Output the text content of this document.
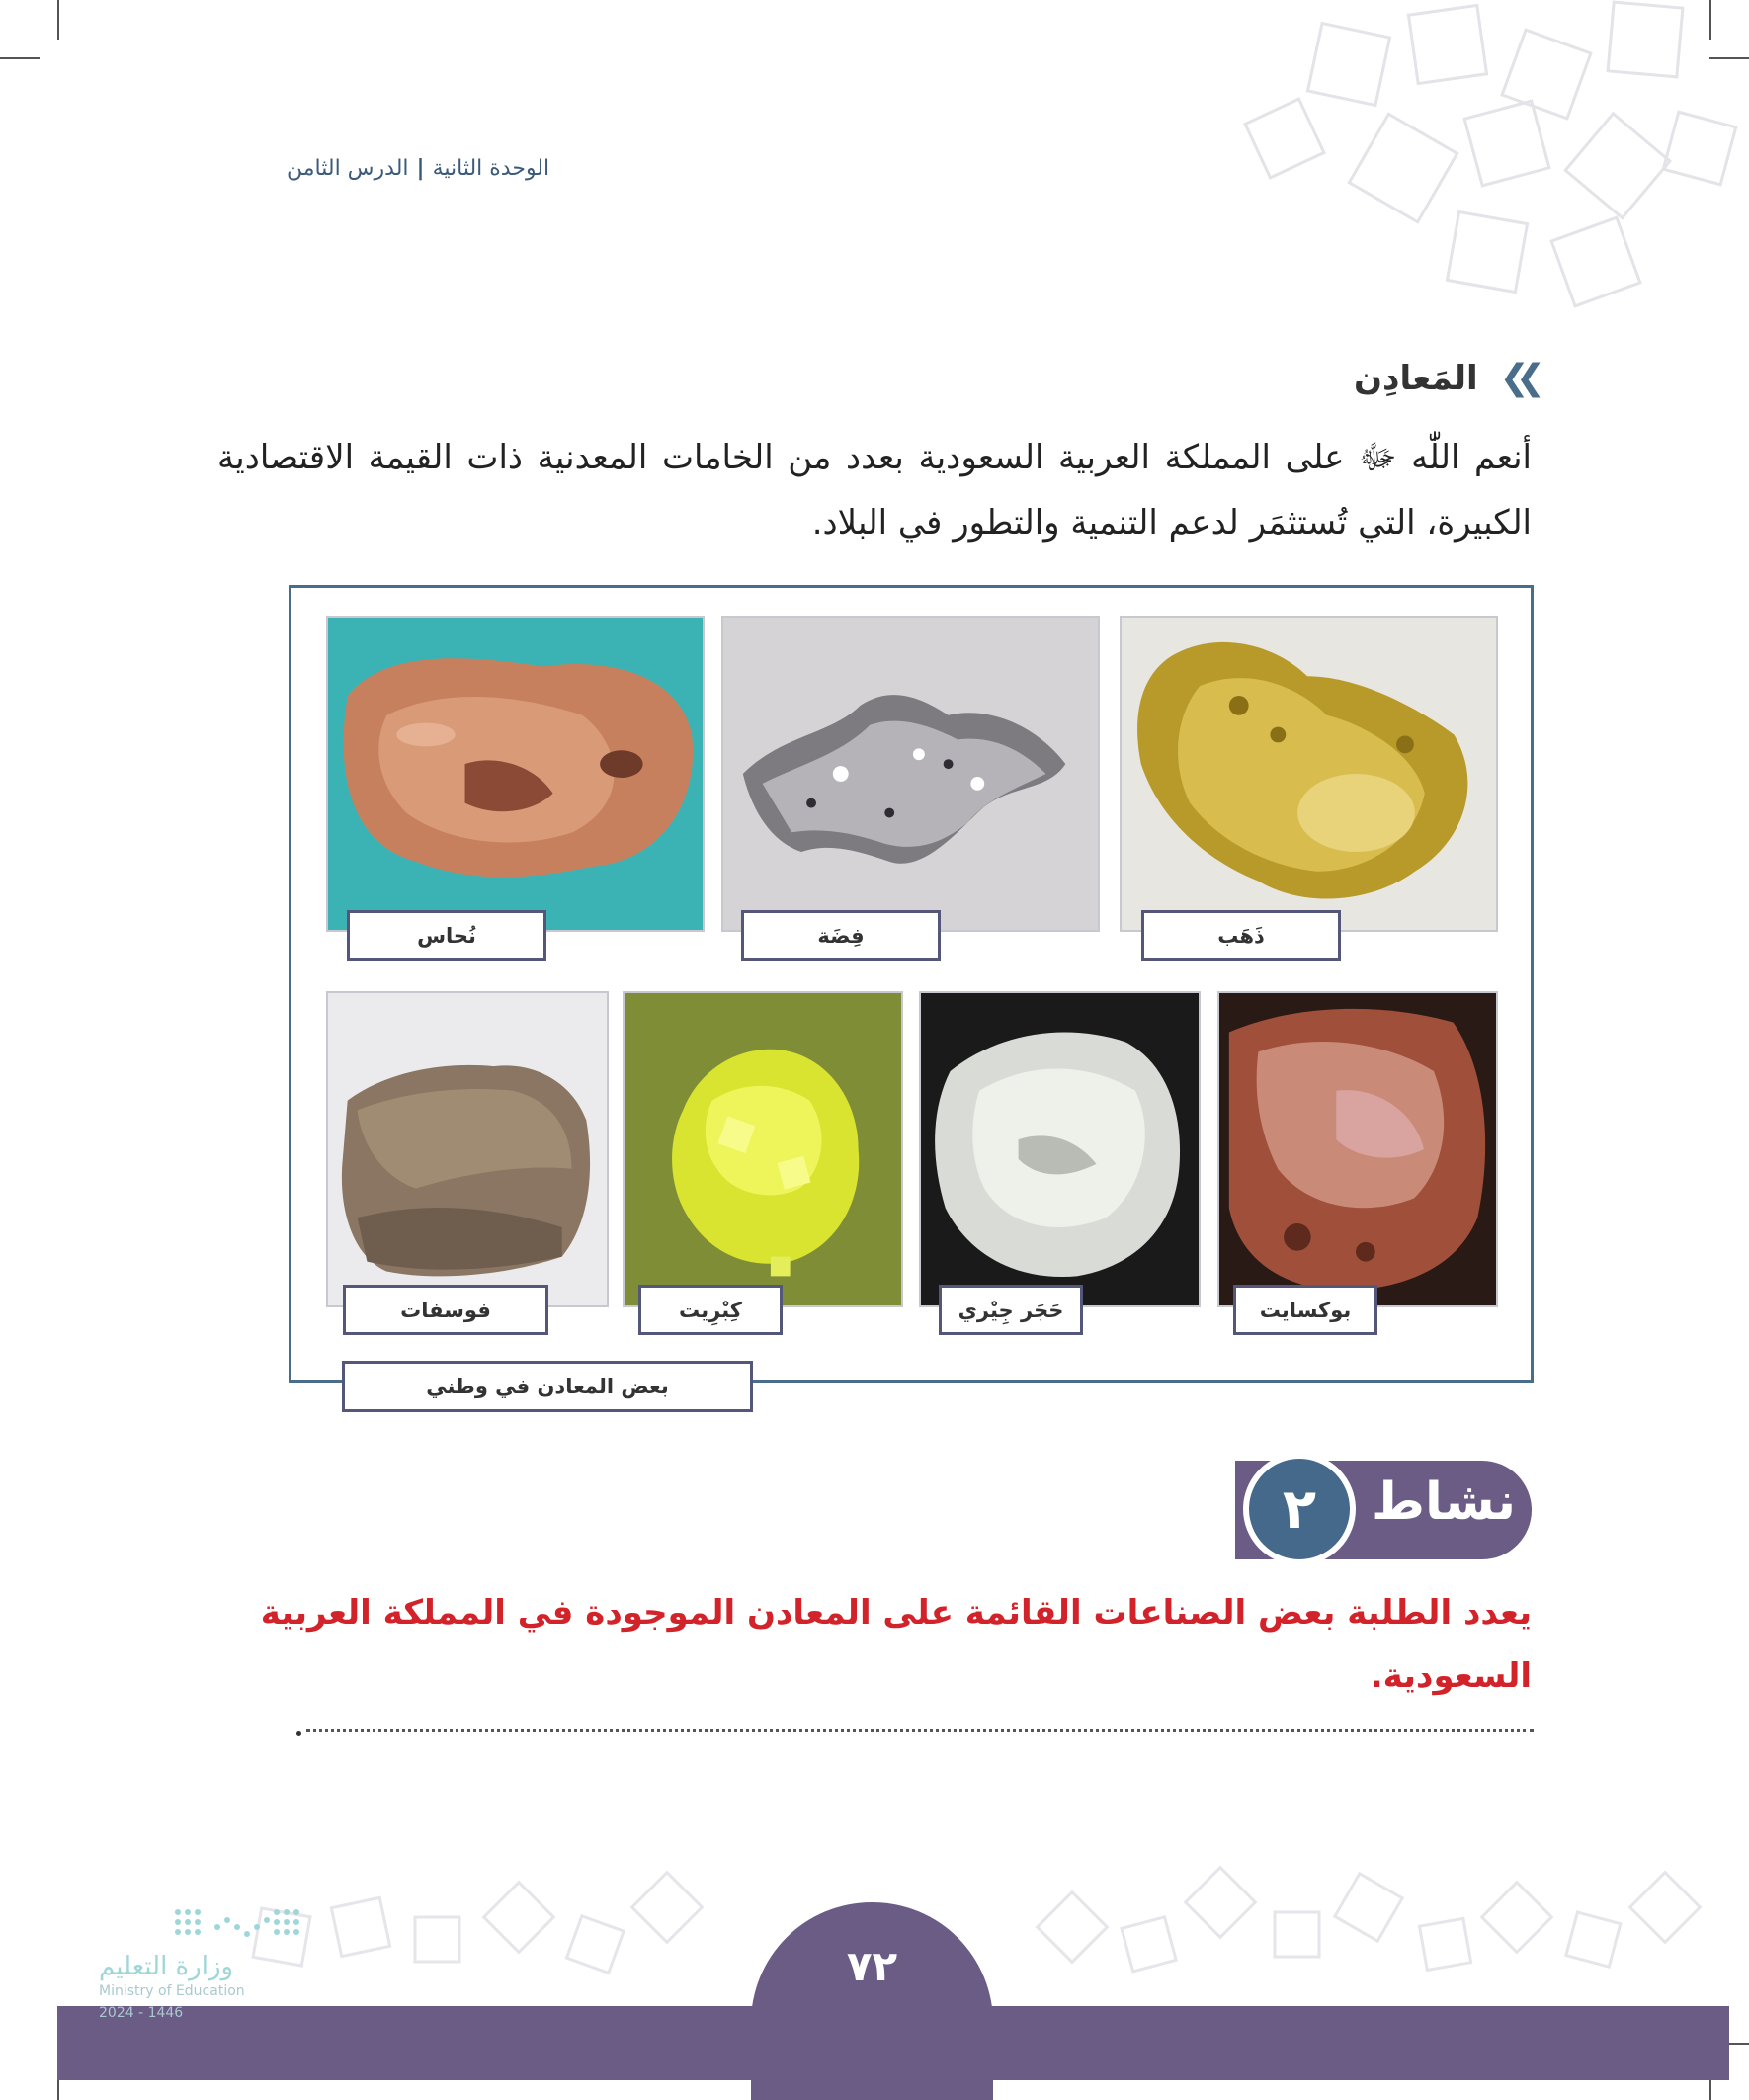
الوحدة الثانية|الدرس الثامن
❯❯
المَعادِن
أنعم اللّٰه ﷻ على المملكة العربية السعودية بعدد من الخامات المعدنية ذات القيمة الاقتصادية الكبيرة، التي تُستثمَر لدعم التنمية والتطور في البلاد.
نُحاس	فِضَة	ذَهَب
فوسفات	كِبْرِيت	حَجَر جِيْري	بوكسايت
بعض المعادن في وطني
نشاط
٢
يعدد الطلبة بعض الصناعات القائمة على المعادن الموجودة في المملكة العربية السعودية.
٧٢
وزارة التعليم
Ministry of Education
2024 - 1446
